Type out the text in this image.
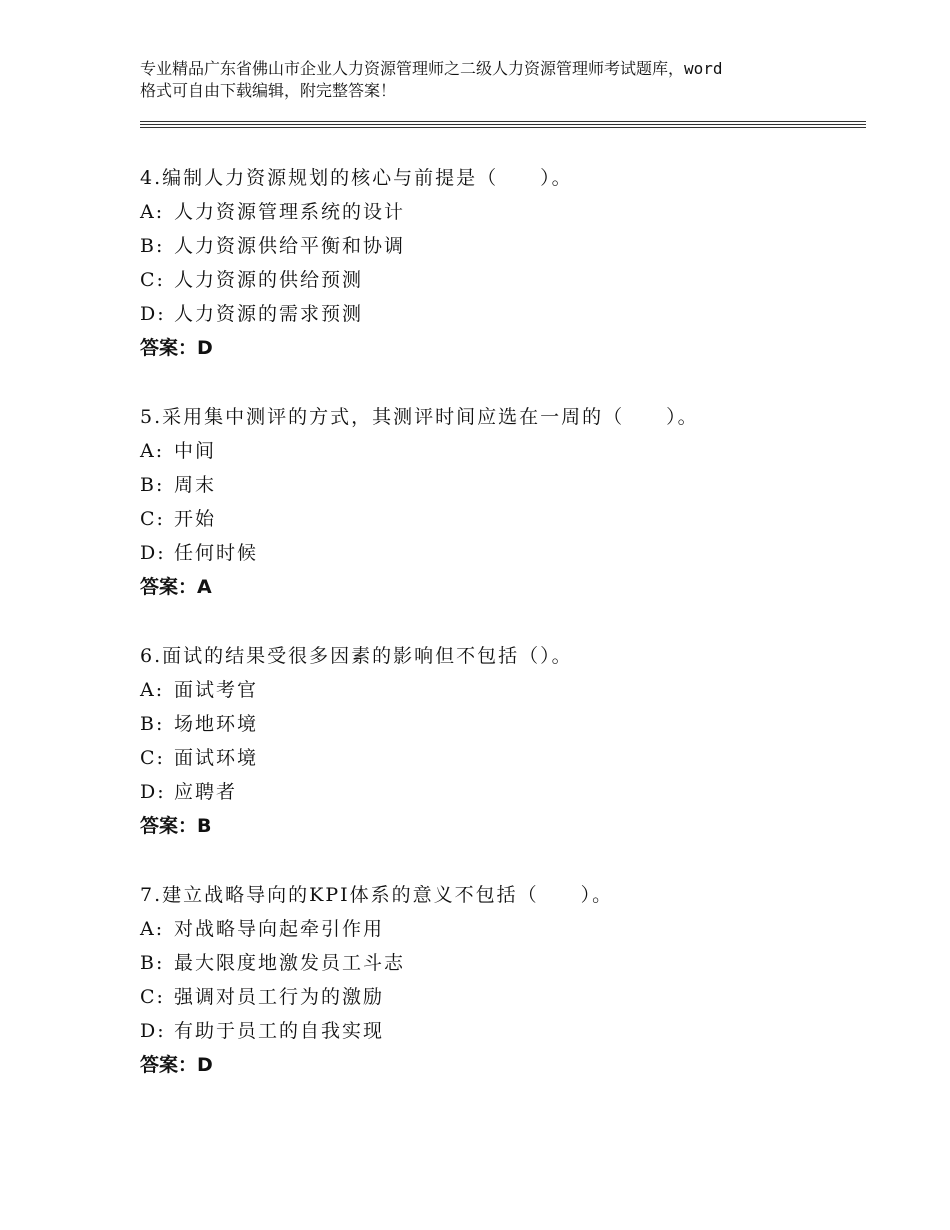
专业精品广东省佛山市企业人力资源管理师之二级人力资源管理师考试题库，word
格式可自由下载编辑，附完整答案！
4.编制人力资源规划的核心与前提是（　　）。
A: 人力资源管理系统的设计
B: 人力资源供给平衡和协调
C: 人力资源的供给预测
D: 人力资源的需求预测
答案：D
5.采用集中测评的方式，其测评时间应选在一周的（　　）。
A: 中间
B: 周末
C: 开始
D: 任何时候
答案：A
6.面试的结果受很多因素的影响但不包括（）。
A: 面试考官
B: 场地环境
C: 面试环境
D: 应聘者
答案：B
7.建立战略导向的KPI体系的意义不包括（　　）。
A: 对战略导向起牵引作用
B: 最大限度地激发员工斗志
C: 强调对员工行为的激励
D: 有助于员工的自我实现
答案：D
